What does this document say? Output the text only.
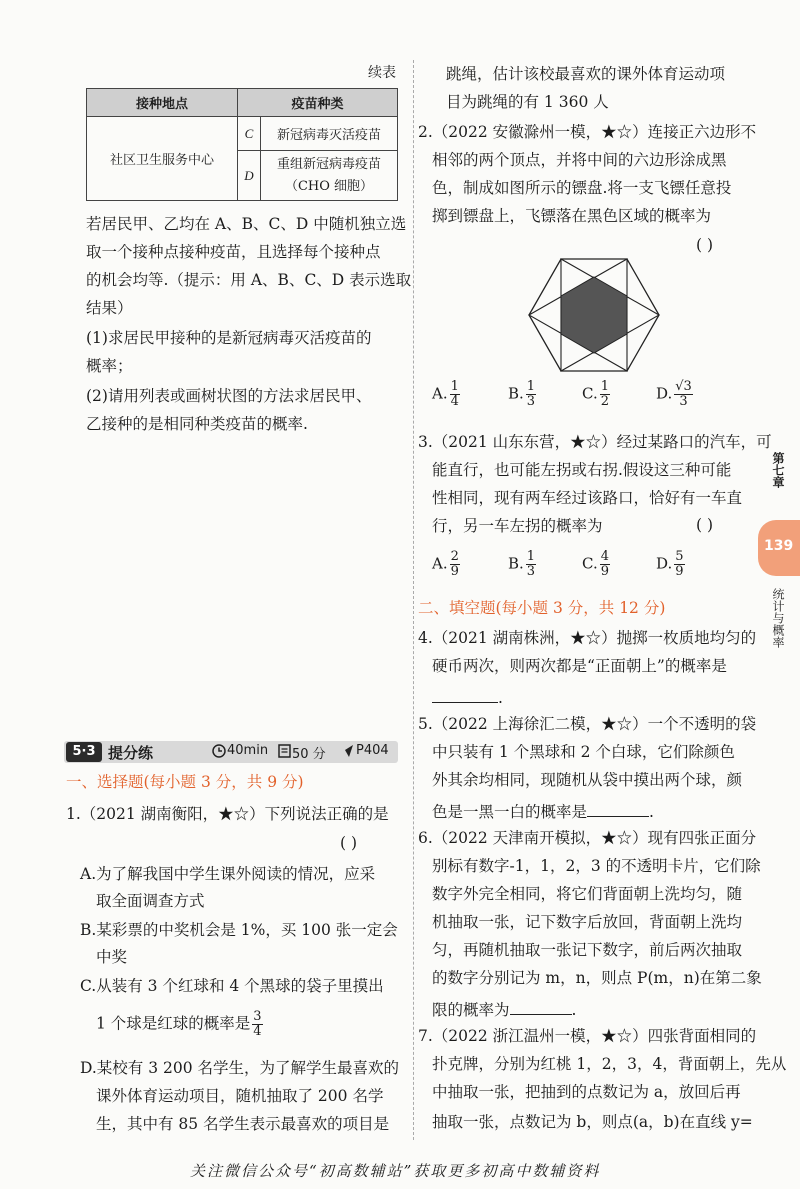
续表
接种地点	疫苗种类	
社区卫生服务中心	C	新冠病毒灭活疫苗
	D	重组新冠病毒疫苗
（CHO 细胞）
若居民甲、乙均在 A、B、C、D 中随机独立选
取一个接种点接种疫苗，且选择每个接种点
的机会均等.（提示：用 A、B、C、D 表示选取
结果）
(1)求居民甲接种的是新冠病毒灭活疫苗的
概率；
(2)请用列表或画树状图的方法求居民甲、
乙接种的是相同种类疫苗的概率.
5·3 提分练	40min 50 分 P404
一、选择题(每小题 3 分，共 9 分)
1.（2021 湖南衡阳，★☆）下列说法正确的是
( )
A.为了解我国中学生课外阅读的情况，应采
取全面调查方式
B.某彩票的中奖机会是 1%，买 100 张一定会
中奖
C.从装有 3 个红球和 4 个黑球的袋子里摸出
1 个球是红球的概率是 $\frac{3}{4}$
D.某校有 3 200 名学生，为了解学生最喜欢的
课外体育运动项目，随机抽取了 200 名学
生，其中有 85 名学生表示最喜欢的项目是
跳绳，估计该校最喜欢的课外体育运动项
目为跳绳的有 1 360 人
2.（2022 安徽滁州一模，★☆）连接正六边形不
相邻的两个顶点，并将中间的六边形涂成黑
色，制成如图所示的镖盘.将一支飞镖任意投
掷到镖盘上，飞镖落在黑色区域的概率为
( )
A. $\frac{1}{4}$	B. $\frac{1}{3}$	C. $\frac{1}{2}$	D. $\frac{√3}{3}$
3.（2021 山东东营，★☆）经过某路口的汽车，可
能直行，也可能左拐或右拐.假设这三种可能
性相同，现有两车经过该路口，恰好有一车直
行，另一车左拐的概率为	( )
A. $\frac{2}{9}$	B. $\frac{1}{3}$	C. $\frac{4}{9}$	D. $\frac{5}{9}$
二、填空题(每小题 3 分，共 12 分)
4.（2021 湖南株洲，★☆）抛掷一枚质地均匀的
硬币两次，则两次都是“正面朝上”的概率是
.
5.（2022 上海徐汇二模，★☆）一个不透明的袋
中只装有 1 个黑球和 2 个白球，它们除颜色
外其余均相同，现随机从袋中摸出两个球，颜
色是一黑一白的概率是	.
6.（2022 天津南开模拟，★☆）现有四张正面分
别标有数字-1，1，2，3 的不透明卡片，它们除
数字外完全相同，将它们背面朝上洗均匀，随
机抽取一张，记下数字后放回，背面朝上洗均
匀，再随机抽取一张记下数字，前后两次抽取
的数字分别记为 m，n，则点 P(m，n)在第二象
限的概率为	.
7.（2022 浙江温州一模，★☆）四张背面相同的
扑克牌，分别为红桃 1，2，3，4，背面朝上，先从
中抽取一张，把抽到的点数记为 a，放回后再
抽取一张，点数记为 b，则点(a，b)在直线 y=
第七章
139
统计与概率
关注微信公众号“初高数辅站”获取更多初高中数辅资料
